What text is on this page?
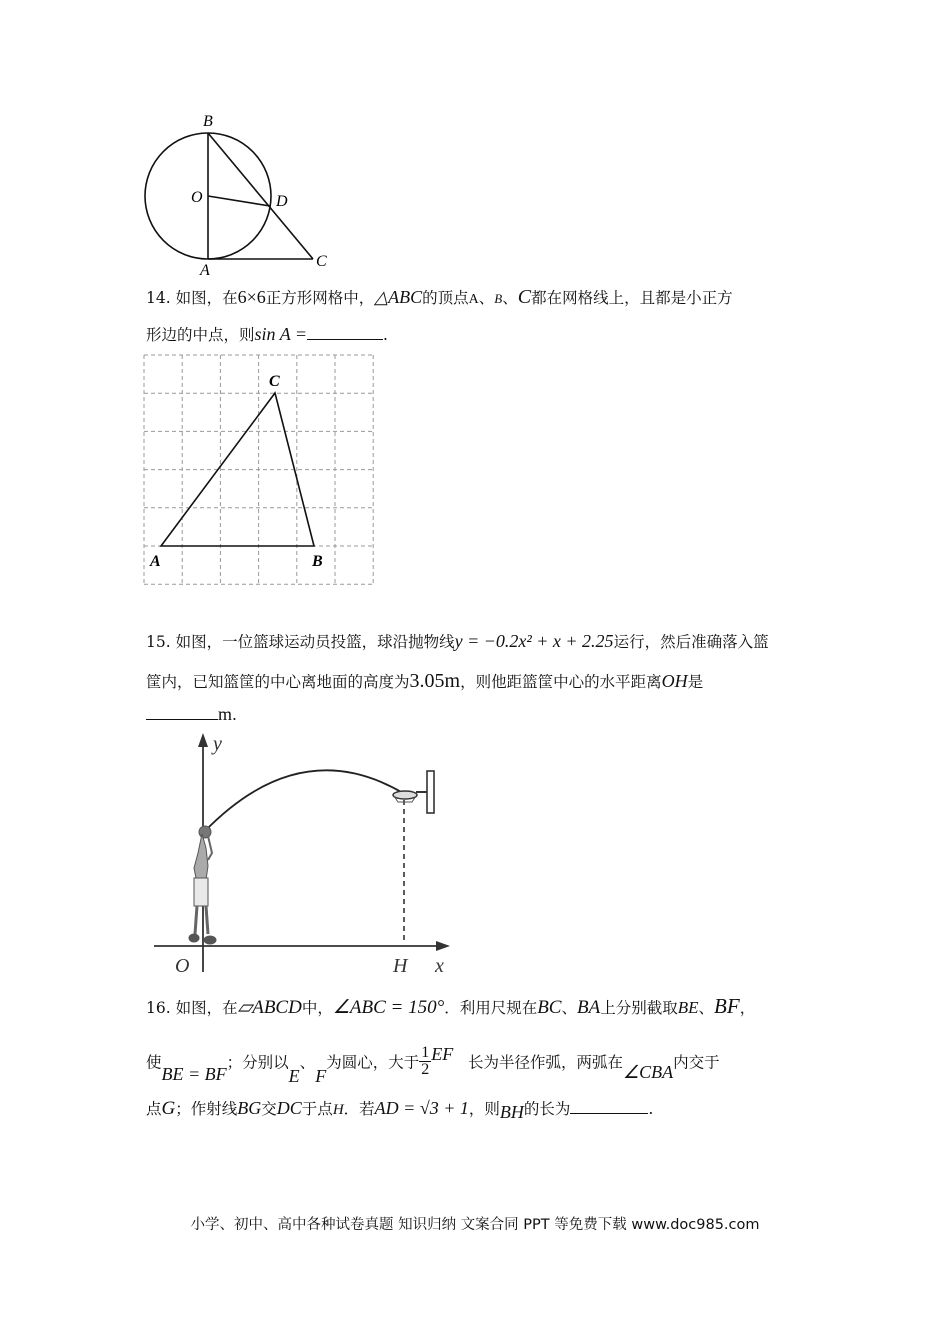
B
O	D
A
C
14. 如图，在6×6正方形网格中，△ABC的顶点A、B、C都在网格线上，且都是小正方
形边的中点，则sin A =	.
C
A	B
15. 如图，一位篮球运动员投篮，球沿抛物线y = −0.2x² + x + 2.25运行，然后准确落入篮
筐内，已知篮筐的中心离地面的高度为3.05m，则他距篮筐中心的水平距离OH是
m.
y
O	H x
16. 如图，在▱ABCD中，∠ABC = 150°．利用尺规在BC、BA上分别截取BE、BF，
使BE = BF；分别以E、F为圆心，大于 $\frac{1}{2}$ EF 长为半径作弧，两弧在∠CBA内交于
点G；作射线BG交DC于点H．若AD = √3 + 1，则BH的长为	.
小学、初中、高中各种试卷真题 知识归纳 文案合同 PPT 等免费下载 www.doc985.com
